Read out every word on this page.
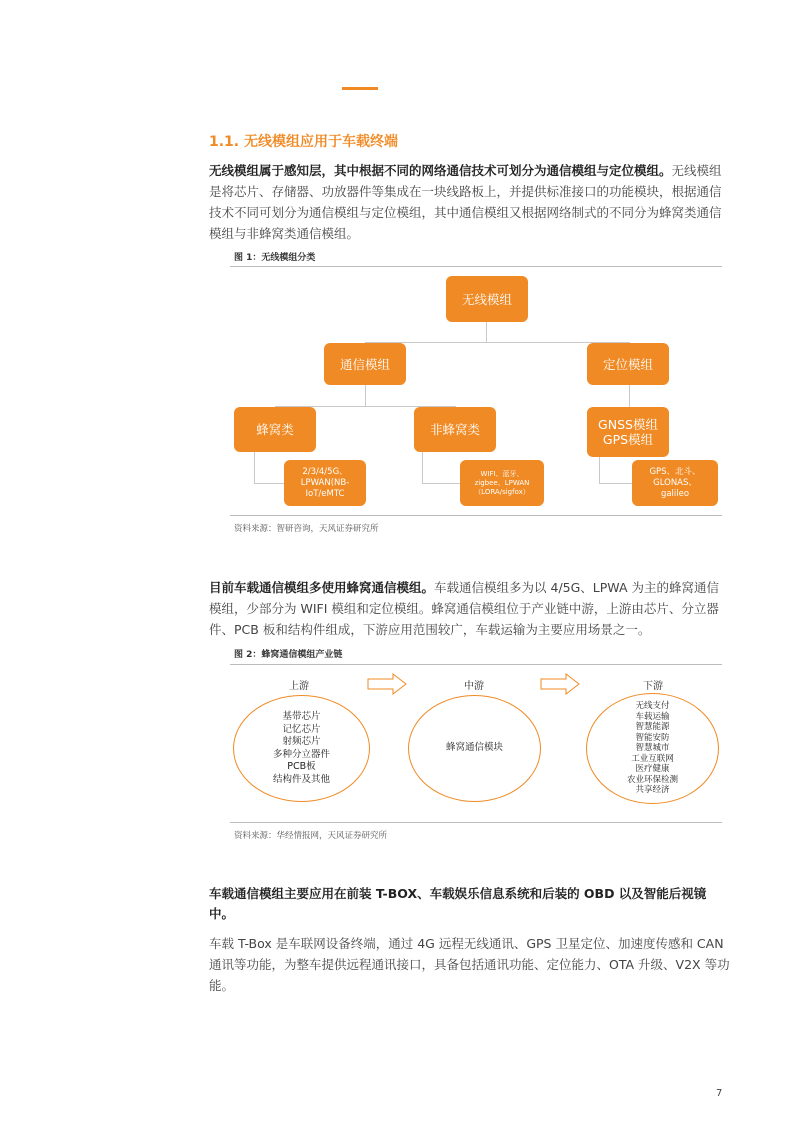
1.1. 无线模组应用于车载终端

无线模组属于感知层，其中根据不同的网络通信技术可划分为通信模组与定位模组。无线模组是将芯片、存储器、功放器件等集成在一块线路板上，并提供标准接口的功能模块，根据通信技术不同可划分为通信模组与定位模组，其中通信模组又根据网络制式的不同分为蜂窝类通信模组与非蜂窝类通信模组。

图 1：无线模组分类

无线模组
通信模组	定位模组
蜂窝类	非蜂窝类	GNSS模组
GPS模组
2/3/4/5G、
LPWAN(NB-
IoT/eMTC
WIFI、蓝牙、
zigbee、LPWAN
（LORA/sigfox）
GPS、北斗、
GLONAS、
galileo

资料来源：智研咨询，天风证券研究所

目前车载通信模组多使用蜂窝通信模组。车载通信模组多为以 4/5G、LPWA 为主的蜂窝通信模组，少部分为 WIFI 模组和定位模组。蜂窝通信模组位于产业链中游，上游由芯片、分立器件、PCB 板和结构件组成，下游应用范围较广，车载运输为主要应用场景之一。

图 2：蜂窝通信模组产业链

上游	中游	下游
基带芯片
记忆芯片
射频芯片
多种分立器件
PCB板
结构件及其他
蜂窝通信模块
无线支付
车载运输
智慧能源
智能安防
智慧城市
工业互联网
医疗健康
农业环保检测
共享经济

资料来源：华经情报网，天风证券研究所

车载通信模组主要应用在前装 T-BOX、车载娱乐信息系统和后装的 OBD 以及智能后视镜中。

车载 T-Box 是车联网设备终端，通过 4G 远程无线通讯、GPS 卫星定位、加速度传感和 CAN 通讯等功能，为整车提供远程通讯接口，具备包括通讯功能、定位能力、OTA 升级、V2X 等功能。

7
